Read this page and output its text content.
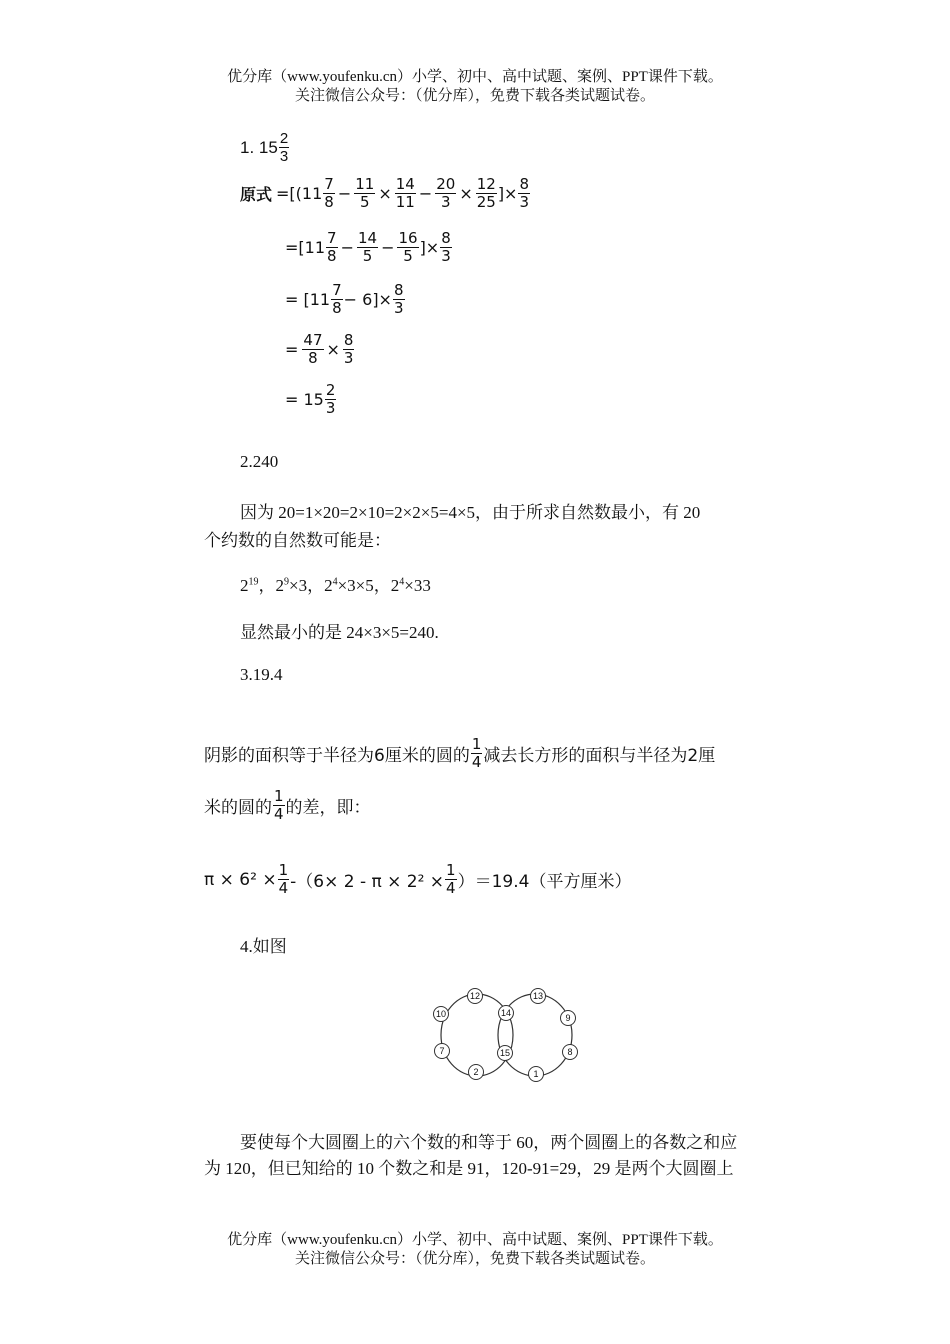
优分库（www.youfenku.cn）小学、初中、高中试题、案例、PPT课件下载。
关注微信公众号：（优分库），免费下载各类试题试卷。
1. $15 \frac{2}{3}$
原式 $=[(11 \frac{7}{8} - \frac{11}{5} \times \frac{14}{11} - \frac{20}{3} \times \frac{12}{25}$ ]× $\frac{8}{3}$
$=[11 \frac{7}{8} - \frac{14}{5} - \frac{16}{5}$ ]× $\frac{8}{3}$
= $[11 \frac{7}{8} - 6]\times \frac{8}{3}$
= $\frac{47}{8} \times \frac{8}{3}$
= $15 \frac{2}{3}$
2.240
因为 20=1×20=2×10=2×2×5=4×5，由于所求自然数最小，有 20
个约数的自然数可能是：
$2^{19}$，$2^9\times 3$，$2^4\times 3\times 5$，$2^4\times 33$
显然最小的是 24×3×5=240.
3.19.4
阴影的面积等于半径为6厘米的圆的 $\frac{1}{4}$ 减去长方形的面积与半径为2厘
米的圆的 $\frac{1}{4}$ 的差，即：
$\pi \times 6^2 \times \frac{1}{4} -(6\times 2 - \pi \times 2^2 \times \frac{1}{4} )=19.4$（平方厘米）
4.如图
12
10
7
2
14
15
13
9
8
1
要使每个大圆圈上的六个数的和等于 60，两个圆圈上的各数之和应
为 120，但已知给的 10 个数之和是 91，120-91=29，29 是两个大圆圈上
优分库（www.youfenku.cn）小学、初中、高中试题、案例、PPT课件下载。
关注微信公众号：（优分库），免费下载各类试题试卷。
